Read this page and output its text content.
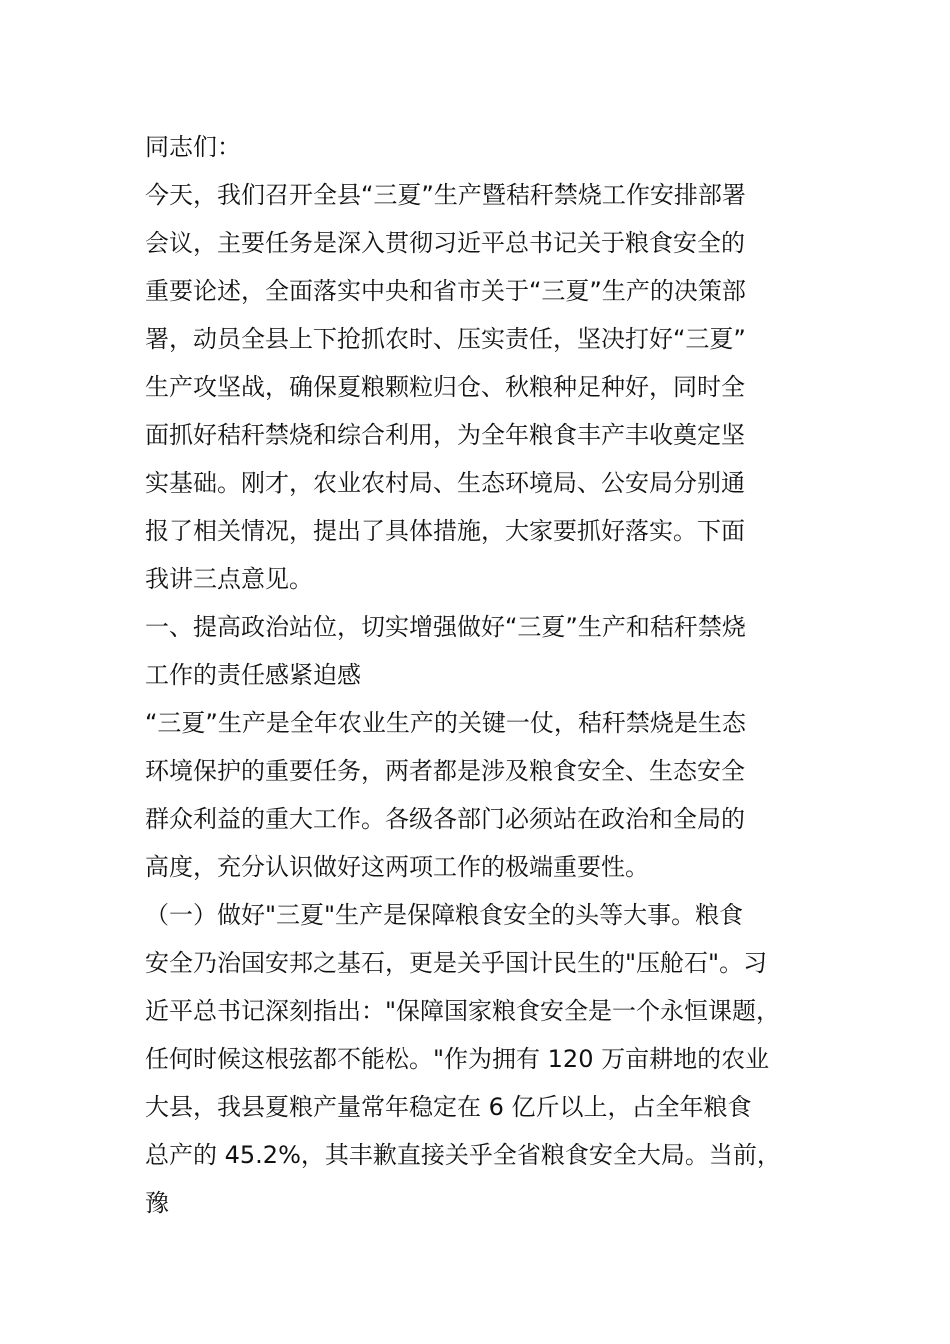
同志们：
今天，我们召开全县“三夏”生产暨秸秆禁烧工作安排部署
会议，主要任务是深入贯彻习近平总书记关于粮食安全的
重要论述，全面落实中央和省市关于“三夏”生产的决策部
署，动员全县上下抢抓农时、压实责任，坚决打好“三夏”
生产攻坚战，确保夏粮颗粒归仓、秋粮种足种好，同时全
面抓好秸秆禁烧和综合利用，为全年粮食丰产丰收奠定坚
实基础。刚才，农业农村局、生态环境局、公安局分别通
报了相关情况，提出了具体措施，大家要抓好落实。下面
我讲三点意见。
一、提高政治站位，切实增强做好“三夏”生产和秸秆禁烧
工作的责任感紧迫感
“三夏”生产是全年农业生产的关键一仗，秸秆禁烧是生态
环境保护的重要任务，两者都是涉及粮食安全、生态安全
群众利益的重大工作。各级各部门必须站在政治和全局的
高度，充分认识做好这两项工作的极端重要性。
（一）做好"三夏"生产是保障粮食安全的头等大事。粮食
安全乃治国安邦之基石，更是关乎国计民生的"压舱石"。习
近平总书记深刻指出："保障国家粮食安全是一个永恒课题，
任何时候这根弦都不能松。"作为拥有 120 万亩耕地的农业
大县，我县夏粮产量常年稳定在 6 亿斤以上，占全年粮食
总产的 45.2%，其丰歉直接关乎全省粮食安全大局。当前，
豫
